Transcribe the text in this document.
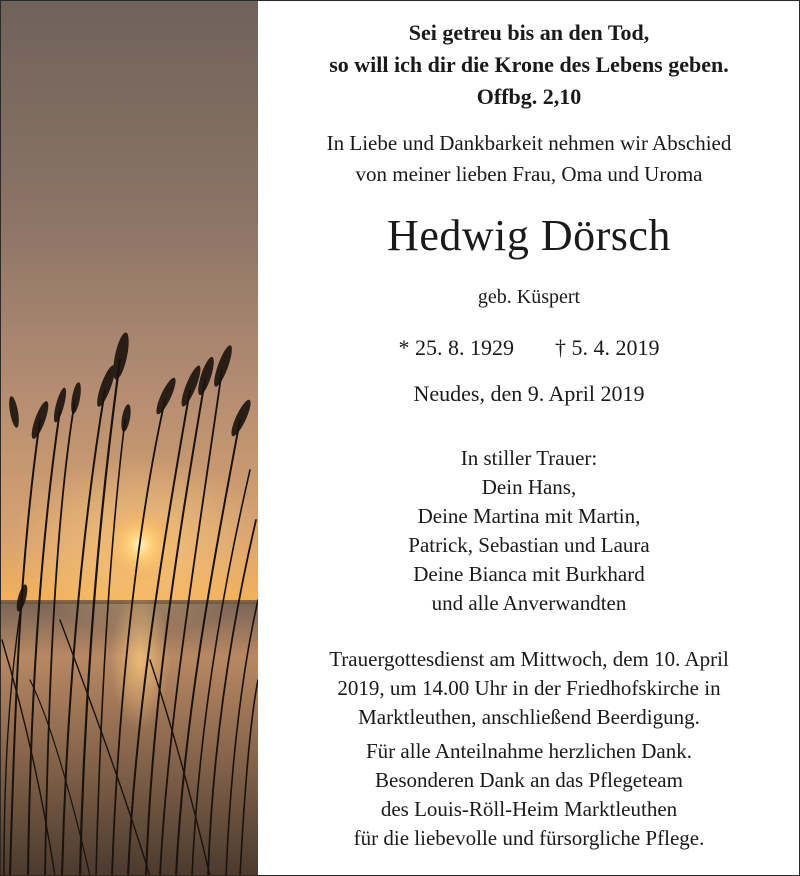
Sei getreu bis an den Tod,
so will ich dir die Krone des Lebens geben.
Offbg. 2,10
In Liebe und Dankbarkeit nehmen wir Abschied
von meiner lieben Frau, Oma und Uroma
Hedwig Dörsch
geb. Küspert
* 25. 8. 1929 † 5. 4. 2019
Neudes, den 9. April 2019
In stiller Trauer:
Dein Hans,
Deine Martina mit Martin,
Patrick, Sebastian und Laura
Deine Bianca mit Burkhard
und alle Anverwandten
Trauergottesdienst am Mittwoch, dem 10. April
2019, um 14.00 Uhr in der Friedhofskirche in
Marktleuthen, anschließend Beerdigung.
Für alle Anteilnahme herzlichen Dank.
Besonderen Dank an das Pflegeteam
des Louis-Röll-Heim Marktleuthen
für die liebevolle und fürsorgliche Pflege.
